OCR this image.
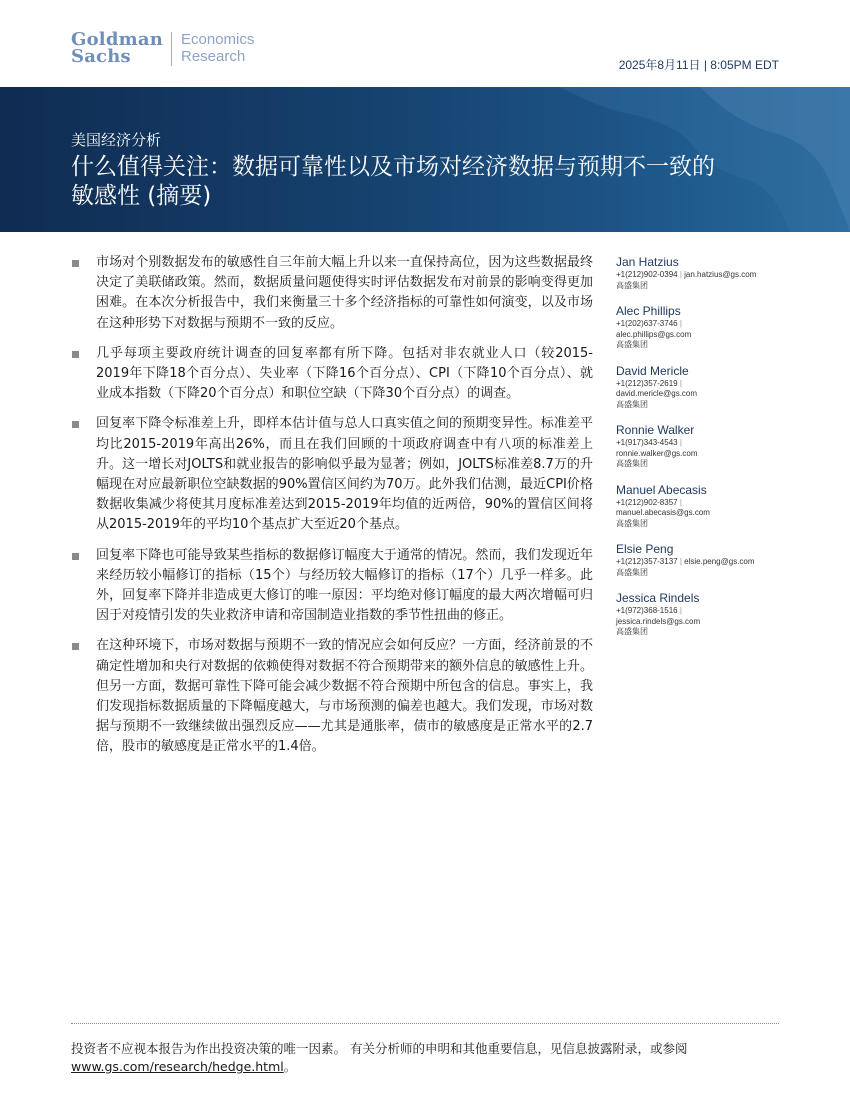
Goldman
Sachs
Economics
Research	2025年8月11日 | 8:05PM EDT
美国经济分析
什么值得关注：数据可靠性以及市场对经济数据与预期不一致的敏感性 (摘要)
市场对个别数据发布的敏感性自三年前大幅上升以来一直保持高位，因为这些数据最终决定了美联储政策。然而，数据质量问题使得实时评估数据发布对前景的影响变得更加困难。在本次分析报告中，我们来衡量三十多个经济指标的可靠性如何演变，以及市场在这种形势下对数据与预期不一致的反应。
几乎每项主要政府统计调查的回复率都有所下降。包括对非农就业人口（较2015-2019年下降18个百分点）、失业率（下降16个百分点）、CPI（下降10个百分点）、就业成本指数（下降20个百分点）和职位空缺（下降30个百分点）的调查。
回复率下降令标准差上升，即样本估计值与总人口真实值之间的预期变异性。标准差平均比2015-2019年高出26%，而且在我们回顾的十项政府调查中有八项的标准差上升。这一增长对JOLTS和就业报告的影响似乎最为显著；例如，JOLTS标准差8.7万的升幅现在对应最新职位空缺数据的90%置信区间约为70万。此外我们估测，最近CPI价格数据收集减少将使其月度标准差达到2015-2019年均值的近两倍，90%的置信区间将从2015-2019年的平均10个基点扩大至近20个基点。
回复率下降也可能导致某些指标的数据修订幅度大于通常的情况。然而，我们发现近年来经历较小幅修订的指标（15个）与经历较大幅修订的指标（17个）几乎一样多。此外，回复率下降并非造成更大修订的唯一原因：平均绝对修订幅度的最大两次增幅可归因于对疫情引发的失业救济申请和帝国制造业指数的季节性扭曲的修正。
在这种环境下，市场对数据与预期不一致的情况应会如何反应？一方面，经济前景的不确定性增加和央行对数据的依赖使得对数据不符合预期带来的额外信息的敏感性上升。但另一方面，数据可靠性下降可能会减少数据不符合预期中所包含的信息。事实上，我们发现指标数据质量的下降幅度越大，与市场预测的偏差也越大。我们发现，市场对数据与预期不一致继续做出强烈反应——尤其是通胀率，债市的敏感度是正常水平的2.7倍，股市的敏感度是正常水平的1.4倍。
Jan Hatzius
+1(212)902-0394 | jan.hatzius@gs.com
高盛集团
Alec Phillips
+1(202)637-3746 |
alec.phillips@gs.com
高盛集团
David Mericle
+1(212)357-2619 |
david.mericle@gs.com
高盛集团
Ronnie Walker
+1(917)343-4543 |
ronnie.walker@gs.com
高盛集团
Manuel Abecasis
+1(212)902-8357 |
manuel.abecasis@gs.com
高盛集团
Elsie Peng
+1(212)357-3137 | elsie.peng@gs.com
高盛集团
Jessica Rindels
+1(972)368-1516 |
jessica.rindels@gs.com
高盛集团
投资者不应视本报告为作出投资决策的唯一因素。 有关分析师的申明和其他重要信息，见信息披露附录，或参阅
www.gs.com/research/hedge.html。
